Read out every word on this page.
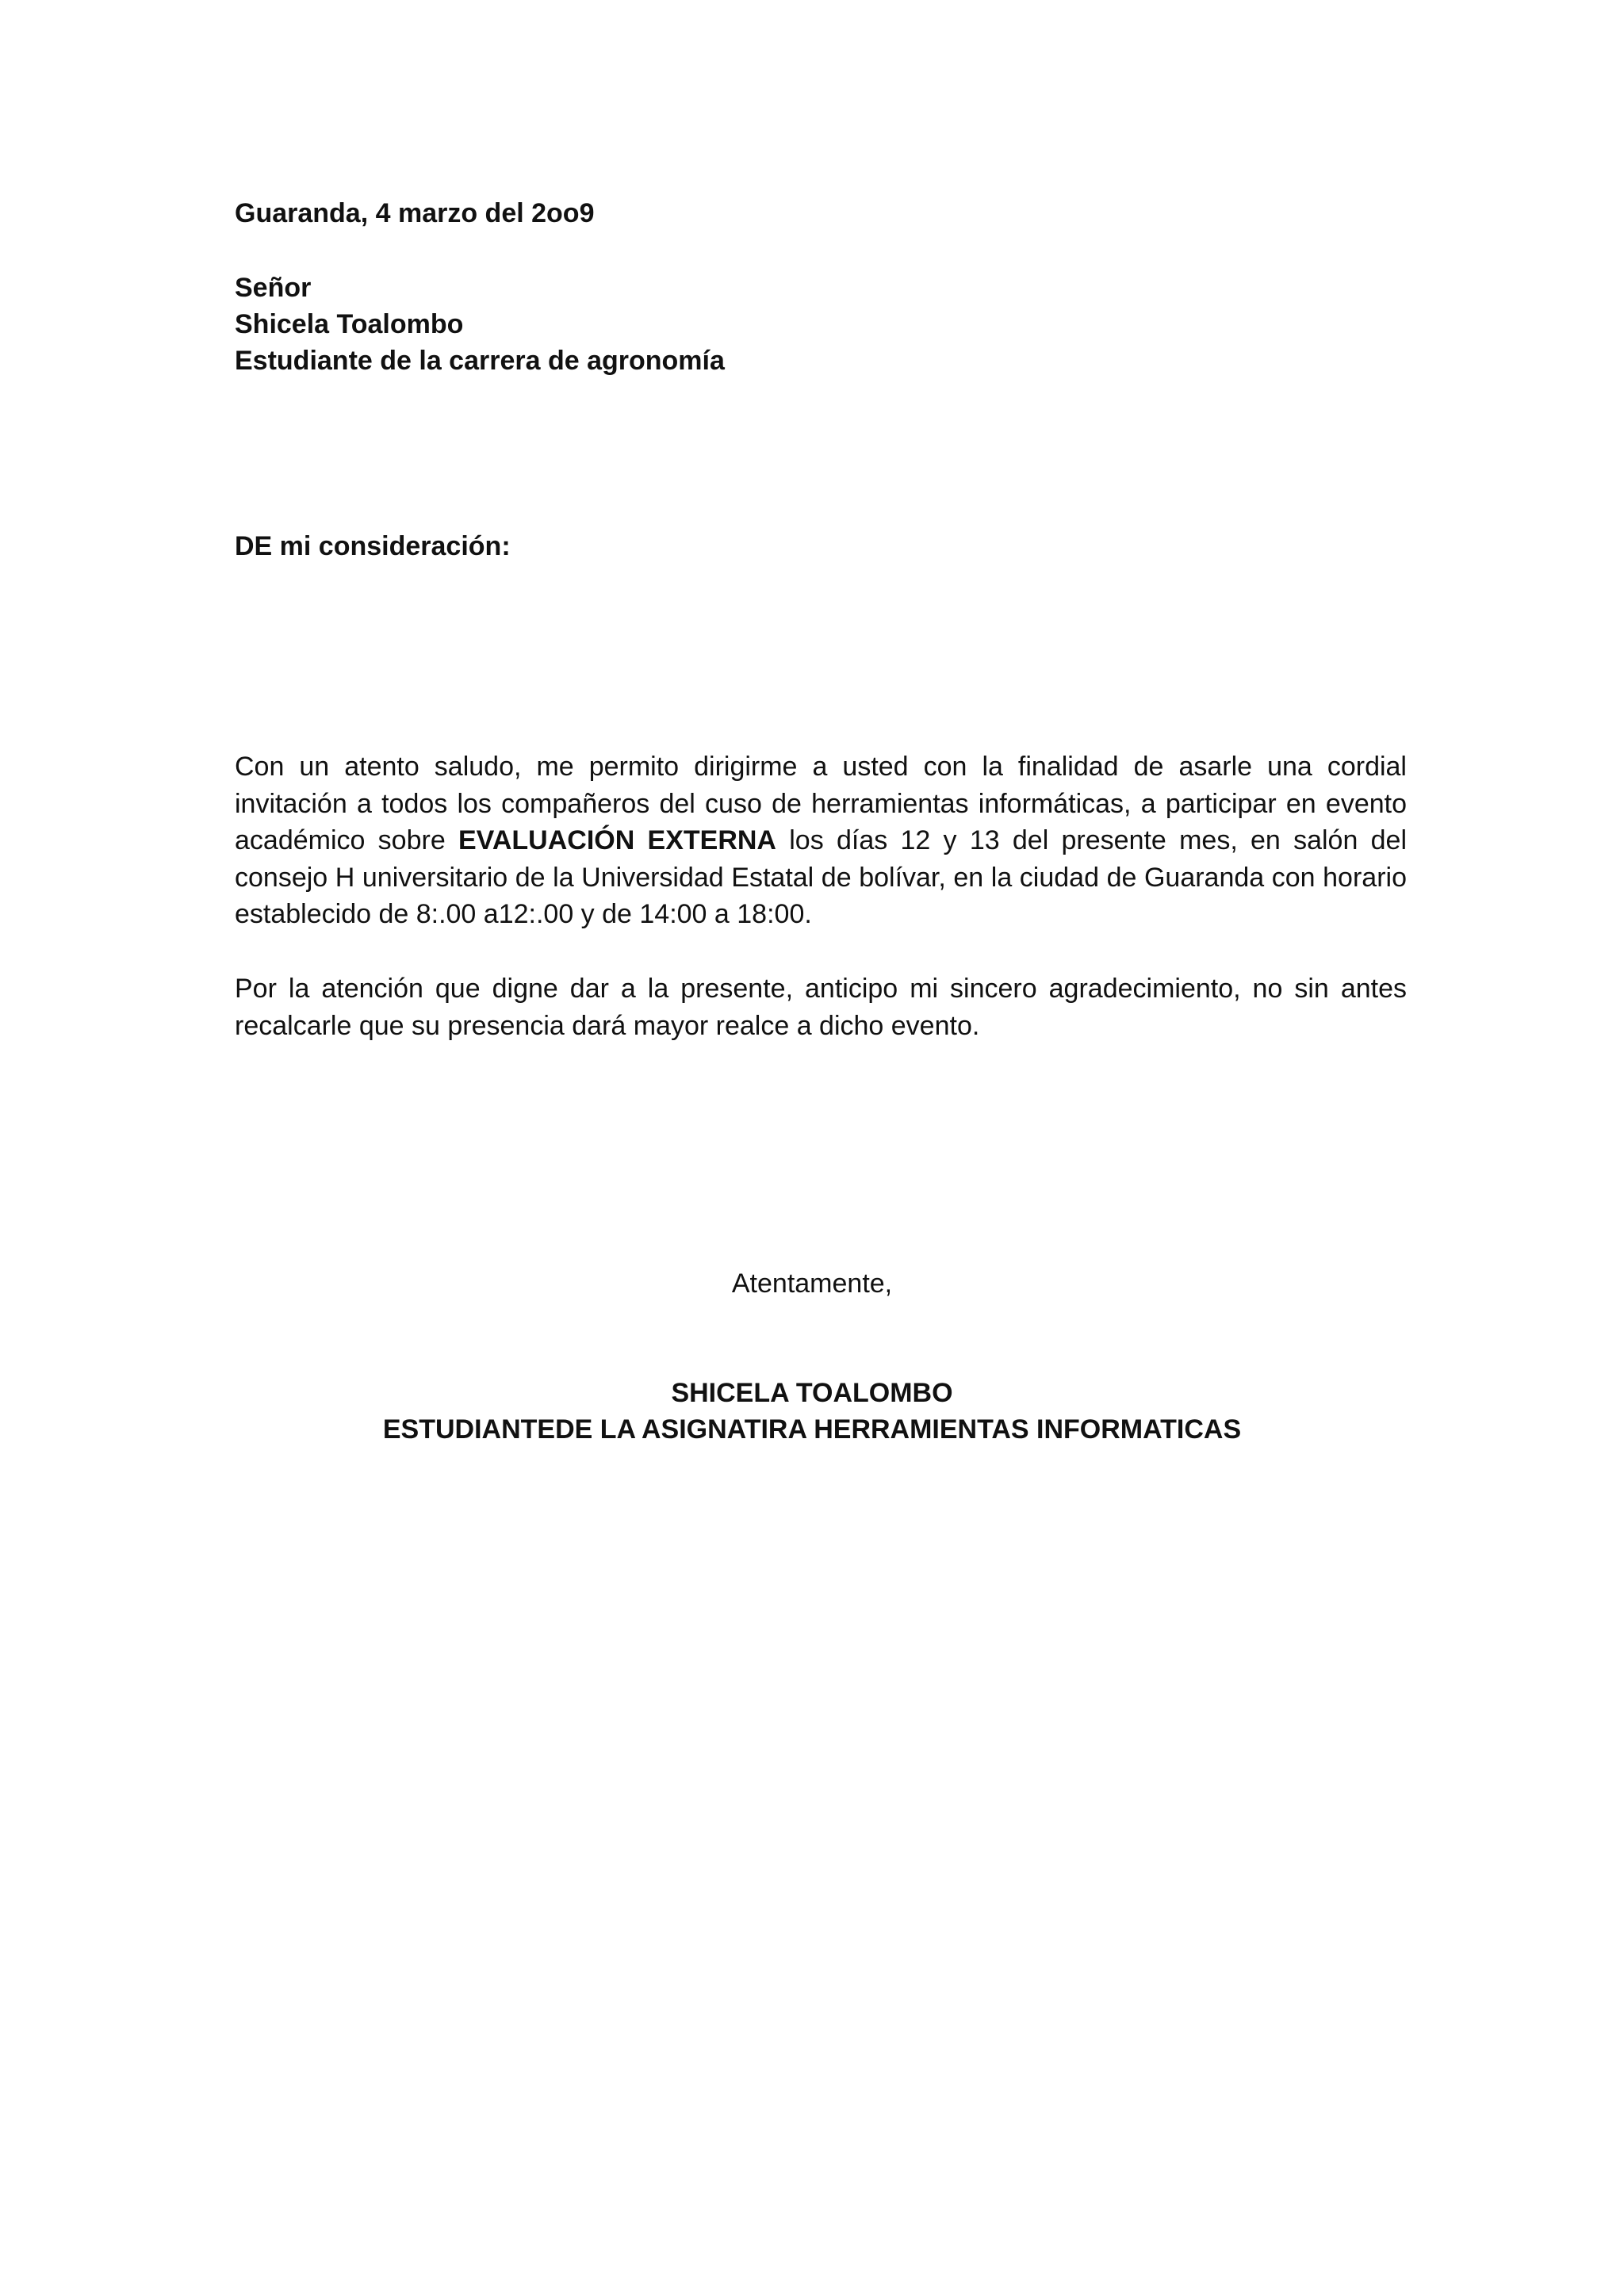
Guaranda, 4 marzo del 2oo9
Señor
Shicela Toalombo
Estudiante de la carrera de agronomía
DE mi consideración:

Con un atento saludo, me permito dirigirme a usted con la finalidad de asarle una cordial invitación a todos los compañeros del cuso de herramientas informáticas, a participar en evento académico sobre EVALUACIÓN EXTERNA los días 12 y 13 del presente mes, en salón del consejo H universitario de la Universidad Estatal de bolívar, en la ciudad de Guaranda con horario establecido de 8:.00 a12:.00 y de 14:00 a 18:00.

Por la atención que digne dar a la presente, anticipo mi sincero agradecimiento, no sin antes recalcarle que su presencia dará mayor realce a dicho evento.

Atentamente,
SHICELA TOALOMBO
ESTUDIANTEDE LA ASIGNATIRA HERRAMIENTAS INFORMATICAS
